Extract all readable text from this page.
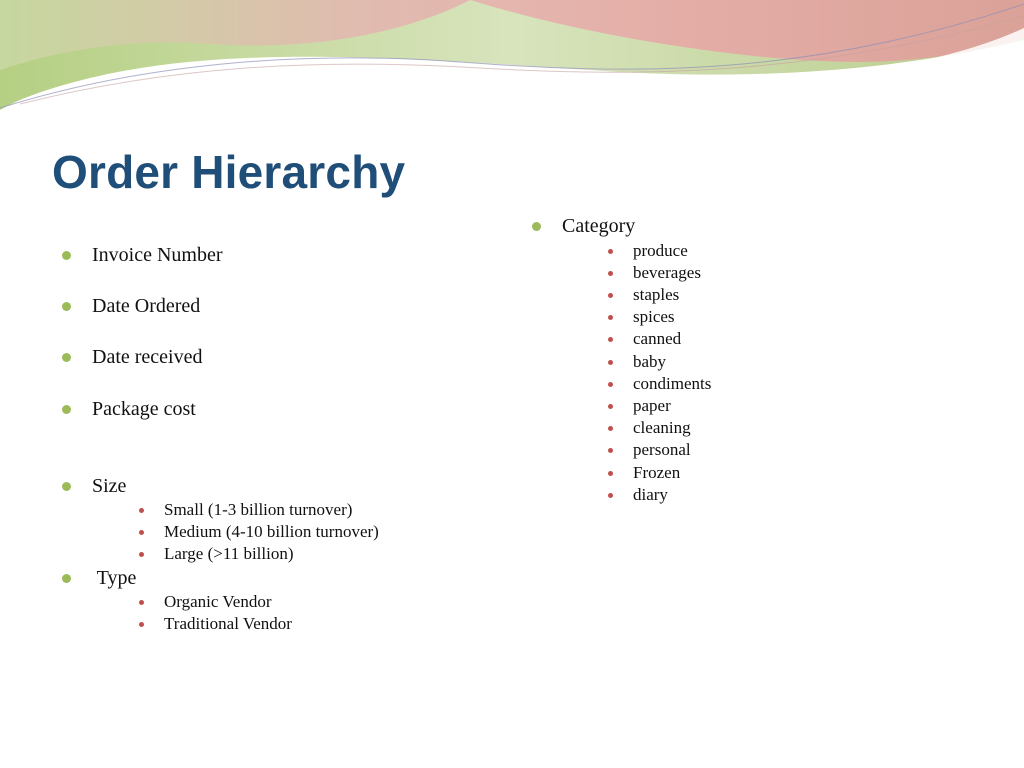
Order Hierarchy
Invoice Number
Date Ordered
Date received
Package cost
Size
Small (1-3 billion turnover)
Medium (4-10 billion turnover)
Large (>11 billion)
Type
Organic Vendor
Traditional Vendor
Category
produce
beverages
staples
spices
canned
baby
condiments
paper
cleaning
personal
Frozen
diary
